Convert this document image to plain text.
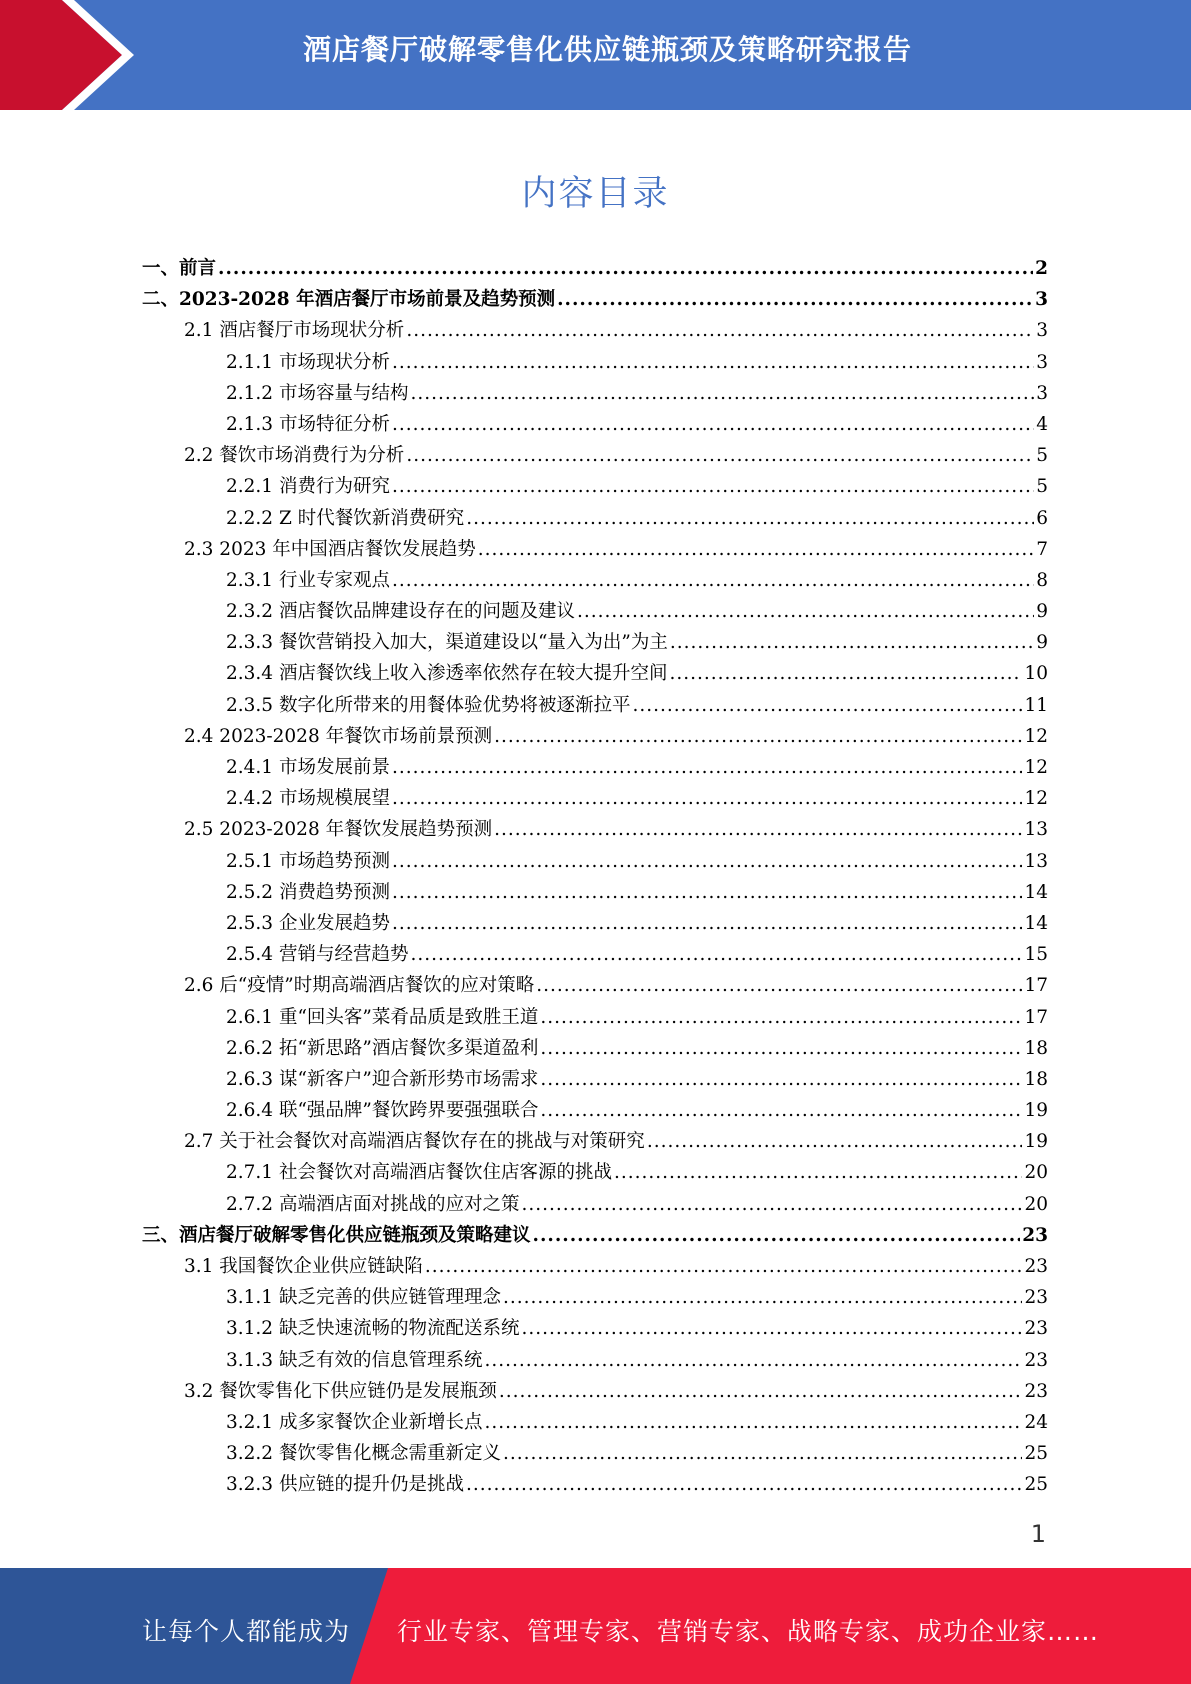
酒店餐厅破解零售化供应链瓶颈及策略研究报告
内容目录
一、前言 .....	2
二、2023-2028 年酒店餐厅市场前景及趋势预测 .....	3
2.1 酒店餐厅市场现状分析 .....	3
2.1.1 市场现状分析 .....	3
2.1.2 市场容量与结构 .....	3
2.1.3 市场特征分析 .....	4
2.2 餐饮市场消费行为分析 .....	5
2.2.1 消费行为研究 .....	5
2.2.2 Z 时代餐饮新消费研究 .....	6
2.3 2023 年中国酒店餐饮发展趋势 .....	7
2.3.1 行业专家观点 .....	8
2.3.2 酒店餐饮品牌建设存在的问题及建议 .....	9
2.3.3 餐饮营销投入加大，渠道建设以“量入为出”为主 .....	9
2.3.4 酒店餐饮线上收入渗透率依然存在较大提升空间 .....	10
2.3.5 数字化所带来的用餐体验优势将被逐渐拉平 .....	11
2.4 2023-2028 年餐饮市场前景预测 .....	12
2.4.1 市场发展前景 .....	12
2.4.2 市场规模展望 .....	12
2.5 2023-2028 年餐饮发展趋势预测 .....	13
2.5.1 市场趋势预测 .....	13
2.5.2 消费趋势预测 .....	14
2.5.3 企业发展趋势 .....	14
2.5.4 营销与经营趋势 .....	15
2.6 后“疫情”时期高端酒店餐饮的应对策略 .....	17
2.6.1 重“回头客”菜肴品质是致胜王道 .....	17
2.6.2 拓“新思路”酒店餐饮多渠道盈利 .....	18
2.6.3 谋“新客户”迎合新形势市场需求 .....	18
2.6.4 联“强品牌”餐饮跨界要强强联合 .....	19
2.7 关于社会餐饮对高端酒店餐饮存在的挑战与对策研究 .....	19
2.7.1 社会餐饮对高端酒店餐饮住店客源的挑战 .....	20
2.7.2 高端酒店面对挑战的应对之策 .....	20
三、酒店餐厅破解零售化供应链瓶颈及策略建议 .....	23
3.1 我国餐饮企业供应链缺陷 .....	23
3.1.1 缺乏完善的供应链管理理念 .....	23
3.1.2 缺乏快速流畅的物流配送系统 .....	23
3.1.3 缺乏有效的信息管理系统 .....	23
3.2 餐饮零售化下供应链仍是发展瓶颈 .....	23
3.2.1 成多家餐饮企业新增长点 .....	24
3.2.2 餐饮零售化概念需重新定义 .....	25
3.2.3 供应链的提升仍是挑战 .....	25
1
让每个人都能成为 行业专家、管理专家、营销专家、战略专家、成功企业家……
